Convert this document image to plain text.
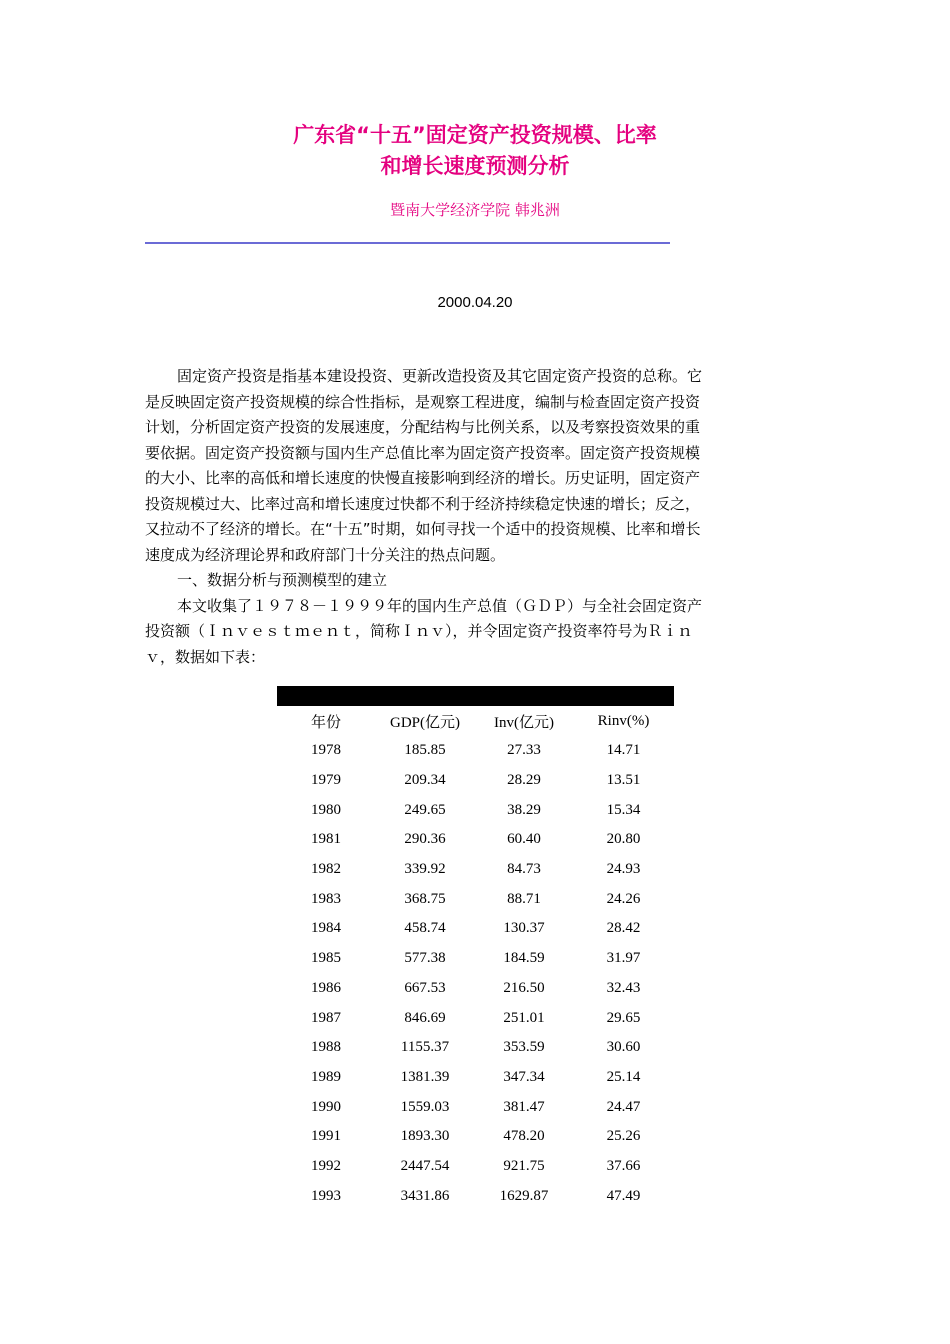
广东省“十五”固定资产投资规模、比率
和增长速度预测分析
暨南大学经济学院 韩兆洲
2000.04.20

固定资产投资是指基本建设投资、更新改造投资及其它固定资产投资的总称。它是反映固定资产投资规模的综合性指标，是观察工程进度，编制与检查固定资产投资计划，分析固定资产投资的发展速度，分配结构与比例关系，以及考察投资效果的重要依据。固定资产投资额与国内生产总值比率为固定资产投资率。固定资产投资规模的大小、比率的高低和增长速度的快慢直接影响到经济的增长。历史证明，固定资产投资规模过大、比率过高和增长速度过快都不利于经济持续稳定快速的增长；反之，又拉动不了经济的增长。在“十五”时期，如何寻找一个适中的投资规模、比率和增长速度成为经济理论界和政府部门十分关注的热点问题。

一、数据分析与预测模型的建立

本文收集了１９７８－１９９９年的国内生产总值（ＧＤＰ）与全社会固定资产投资额（Ｉｎｖｅｓｔｍｅｎｔ，简称Ｉｎｖ），并令固定资产投资率符号为Ｒｉｎｖ，数据如下表：

年份	GDP(亿元)	Inv(亿元)	Rinv(%)
1978	185.85	27.33	14.71
1979	209.34	28.29	13.51
1980	249.65	38.29	15.34
1981	290.36	60.40	20.80
1982	339.92	84.73	24.93
1983	368.75	88.71	24.26
1984	458.74	130.37	28.42
1985	577.38	184.59	31.97
1986	667.53	216.50	32.43
1987	846.69	251.01	29.65
1988	1155.37	353.59	30.60
1989	1381.39	347.34	25.14
1990	1559.03	381.47	24.47
1991	1893.30	478.20	25.26
1992	2447.54	921.75	37.66
1993	3431.86	1629.87	47.49
